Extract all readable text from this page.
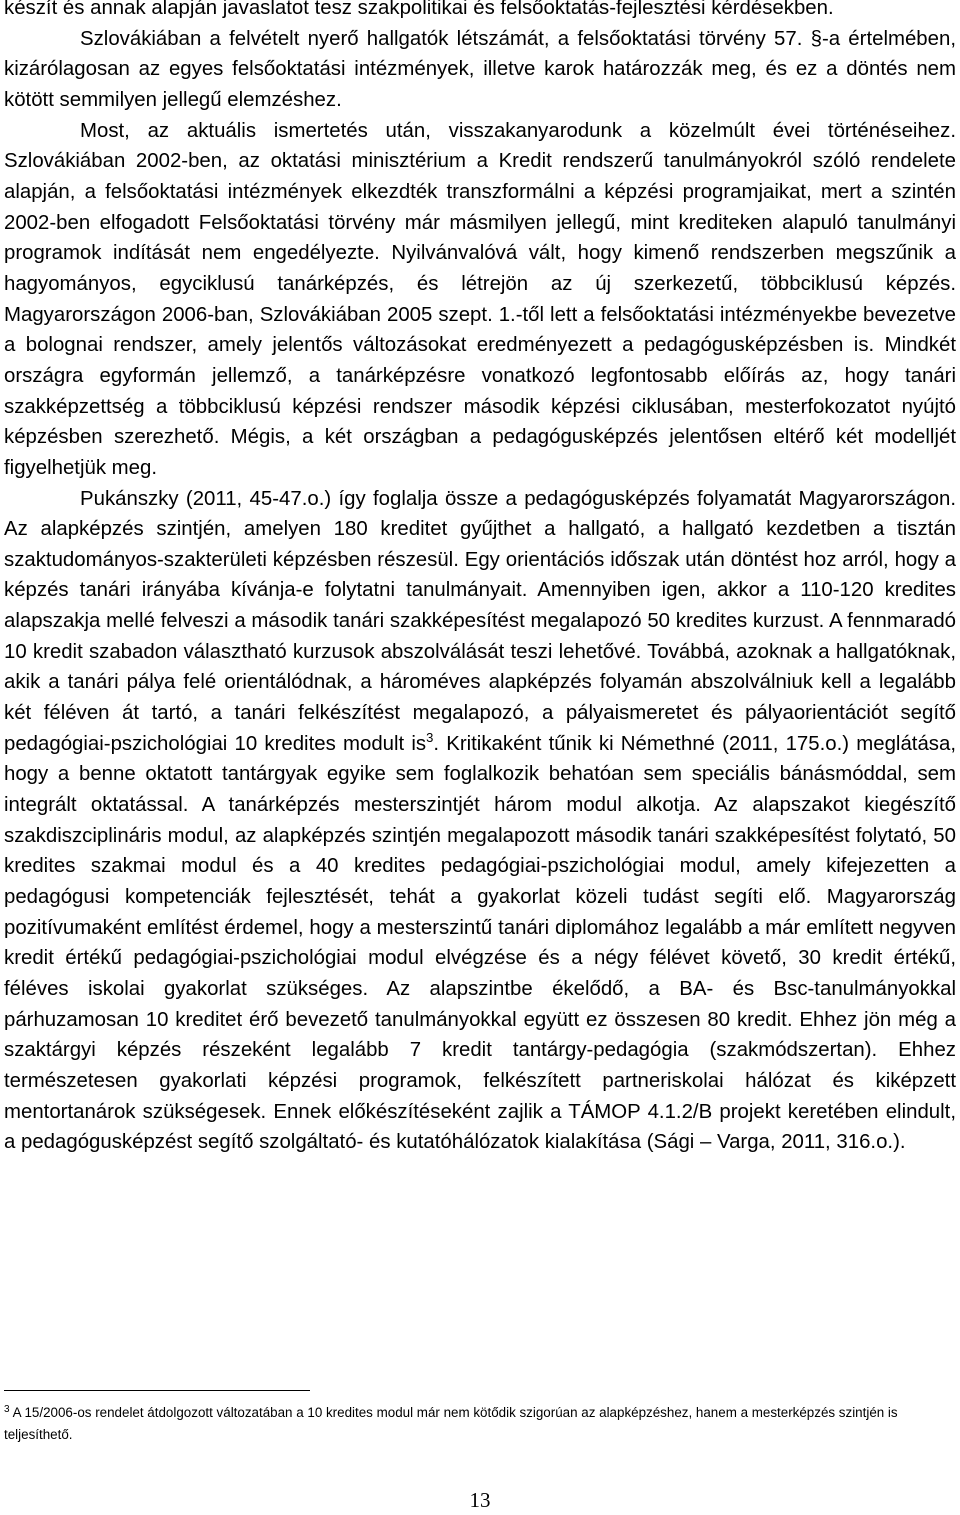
készít és annak alapján javaslatot tesz szakpolitikai és felsőoktatás-fejlesztési kérdésekben.

Szlovákiában a felvételt nyerő hallgatók létszámát, a felsőoktatási törvény 57. §-a értelmében, kizárólagosan az egyes felsőoktatási intézmények, illetve karok határozzák meg, és ez a döntés nem kötött semmilyen jellegű elemzéshez.

Most, az aktuális ismertetés után, visszakanyarodunk a közelmúlt évei történéseihez. Szlovákiában 2002-ben, az oktatási minisztérium a Kredit rendszerű tanulmányokról szóló rendelete alapján, a felsőoktatási intézmények elkezdték transzformálni a képzési programjaikat, mert a szintén 2002-ben elfogadott Felsőoktatási törvény már másmilyen jellegű, mint krediteken alapuló tanulmányi programok indítását nem engedélyezte. Nyilvánvalóvá vált, hogy kimenő rendszerben megszűnik a hagyományos, egyciklusú tanárképzés, és létrejön az új szerkezetű, többciklusú képzés. Magyarországon 2006-ban, Szlovákiában 2005 szept. 1.-től lett a felsőoktatási intézményekbe bevezetve a bolognai rendszer, amely jelentős változásokat eredményezett a pedagógusképzésben is. Mindkét országra egyformán jellemző, a tanárképzésre vonatkozó legfontosabb előírás az, hogy tanári szakképzettség a többciklusú képzési rendszer második képzési ciklusában, mesterfokozatot nyújtó képzésben szerezhető. Mégis, a két országban a pedagógusképzés jelentősen eltérő két modelljét figyelhetjük meg.

Pukánszky (2011, 45-47.o.) így foglalja össze a pedagógusképzés folyamatát Magyarországon. Az alapképzés szintjén, amelyen 180 kreditet gyűjthet a hallgató, a hallgató kezdetben a tisztán szaktudományos-szakterületi képzésben részesül. Egy orientációs időszak után döntést hoz arról, hogy a képzés tanári irányába kívánja-e folytatni tanulmányait. Amennyiben igen, akkor a 110-120 kredites alapszakja mellé felveszi a második tanári szakképesítést megalapozó 50 kredites kurzust. A fennmaradó 10 kredit szabadon választható kurzusok abszolválását teszi lehetővé. Továbbá, azoknak a hallgatóknak, akik a tanári pálya felé orientálódnak, a hároméves alapképzés folyamán abszolválniuk kell a legalább két féléven át tartó, a tanári felkészítést megalapozó, a pályaismeretet és pályaorientációt segítő pedagógiai-pszichológiai 10 kredites modult $is^3$. Kritikaként tűnik ki Némethné (2011, 175.o.) meglátása, hogy a benne oktatott tantárgyak egyike sem foglalkozik behatóan sem speciális bánásmóddal, sem integrált oktatással. A tanárképzés mesterszintjét három modul alkotja. Az alapszakot kiegészítő szakdiszciplináris modul, az alapképzés szintjén megalapozott második tanári szakképesítést folytató, 50 kredites szakmai modul és a 40 kredites pedagógiai-pszichológiai modul, amely kifejezetten a pedagógusi kompetenciák fejlesztését, tehát a gyakorlat közeli tudást segíti elő. Magyarország pozitívumaként említést érdemel, hogy a mesterszintű tanári diplomához legalább a már említett negyven kredit értékű pedagógiai-pszichológiai modul elvégzése és a négy félévet követő, 30 kredit értékű, féléves iskolai gyakorlat szükséges. Az alapszintbe ékelődő, a BA- és Bsc-tanulmányokkal párhuzamosan 10 kreditet érő bevezető tanulmányokkal együtt ez összesen 80 kredit. Ehhez jön még a szaktárgyi képzés részeként legalább 7 kredit tantárgy-pedagógia (szakmódszertan). Ehhez természetesen gyakorlati képzési programok, felkészített partneriskolai hálózat és kiképzett mentortanárok szükségesek. Ennek előkészítéseként zajlik a TÁMOP 4.1.2/B projekt keretében elindult, a pedagógusképzést segítő szolgáltató- és kutatóhálózatok kialakítása (Sági – Varga, 2011, 316.o.).

$^3$ A 15/2006-os rendelet átdolgozott változatában a 10 kredites modul már nem kötődik szigorúan az alapképzéshez, hanem a mesterképzés szintjén is teljesíthető.
13
